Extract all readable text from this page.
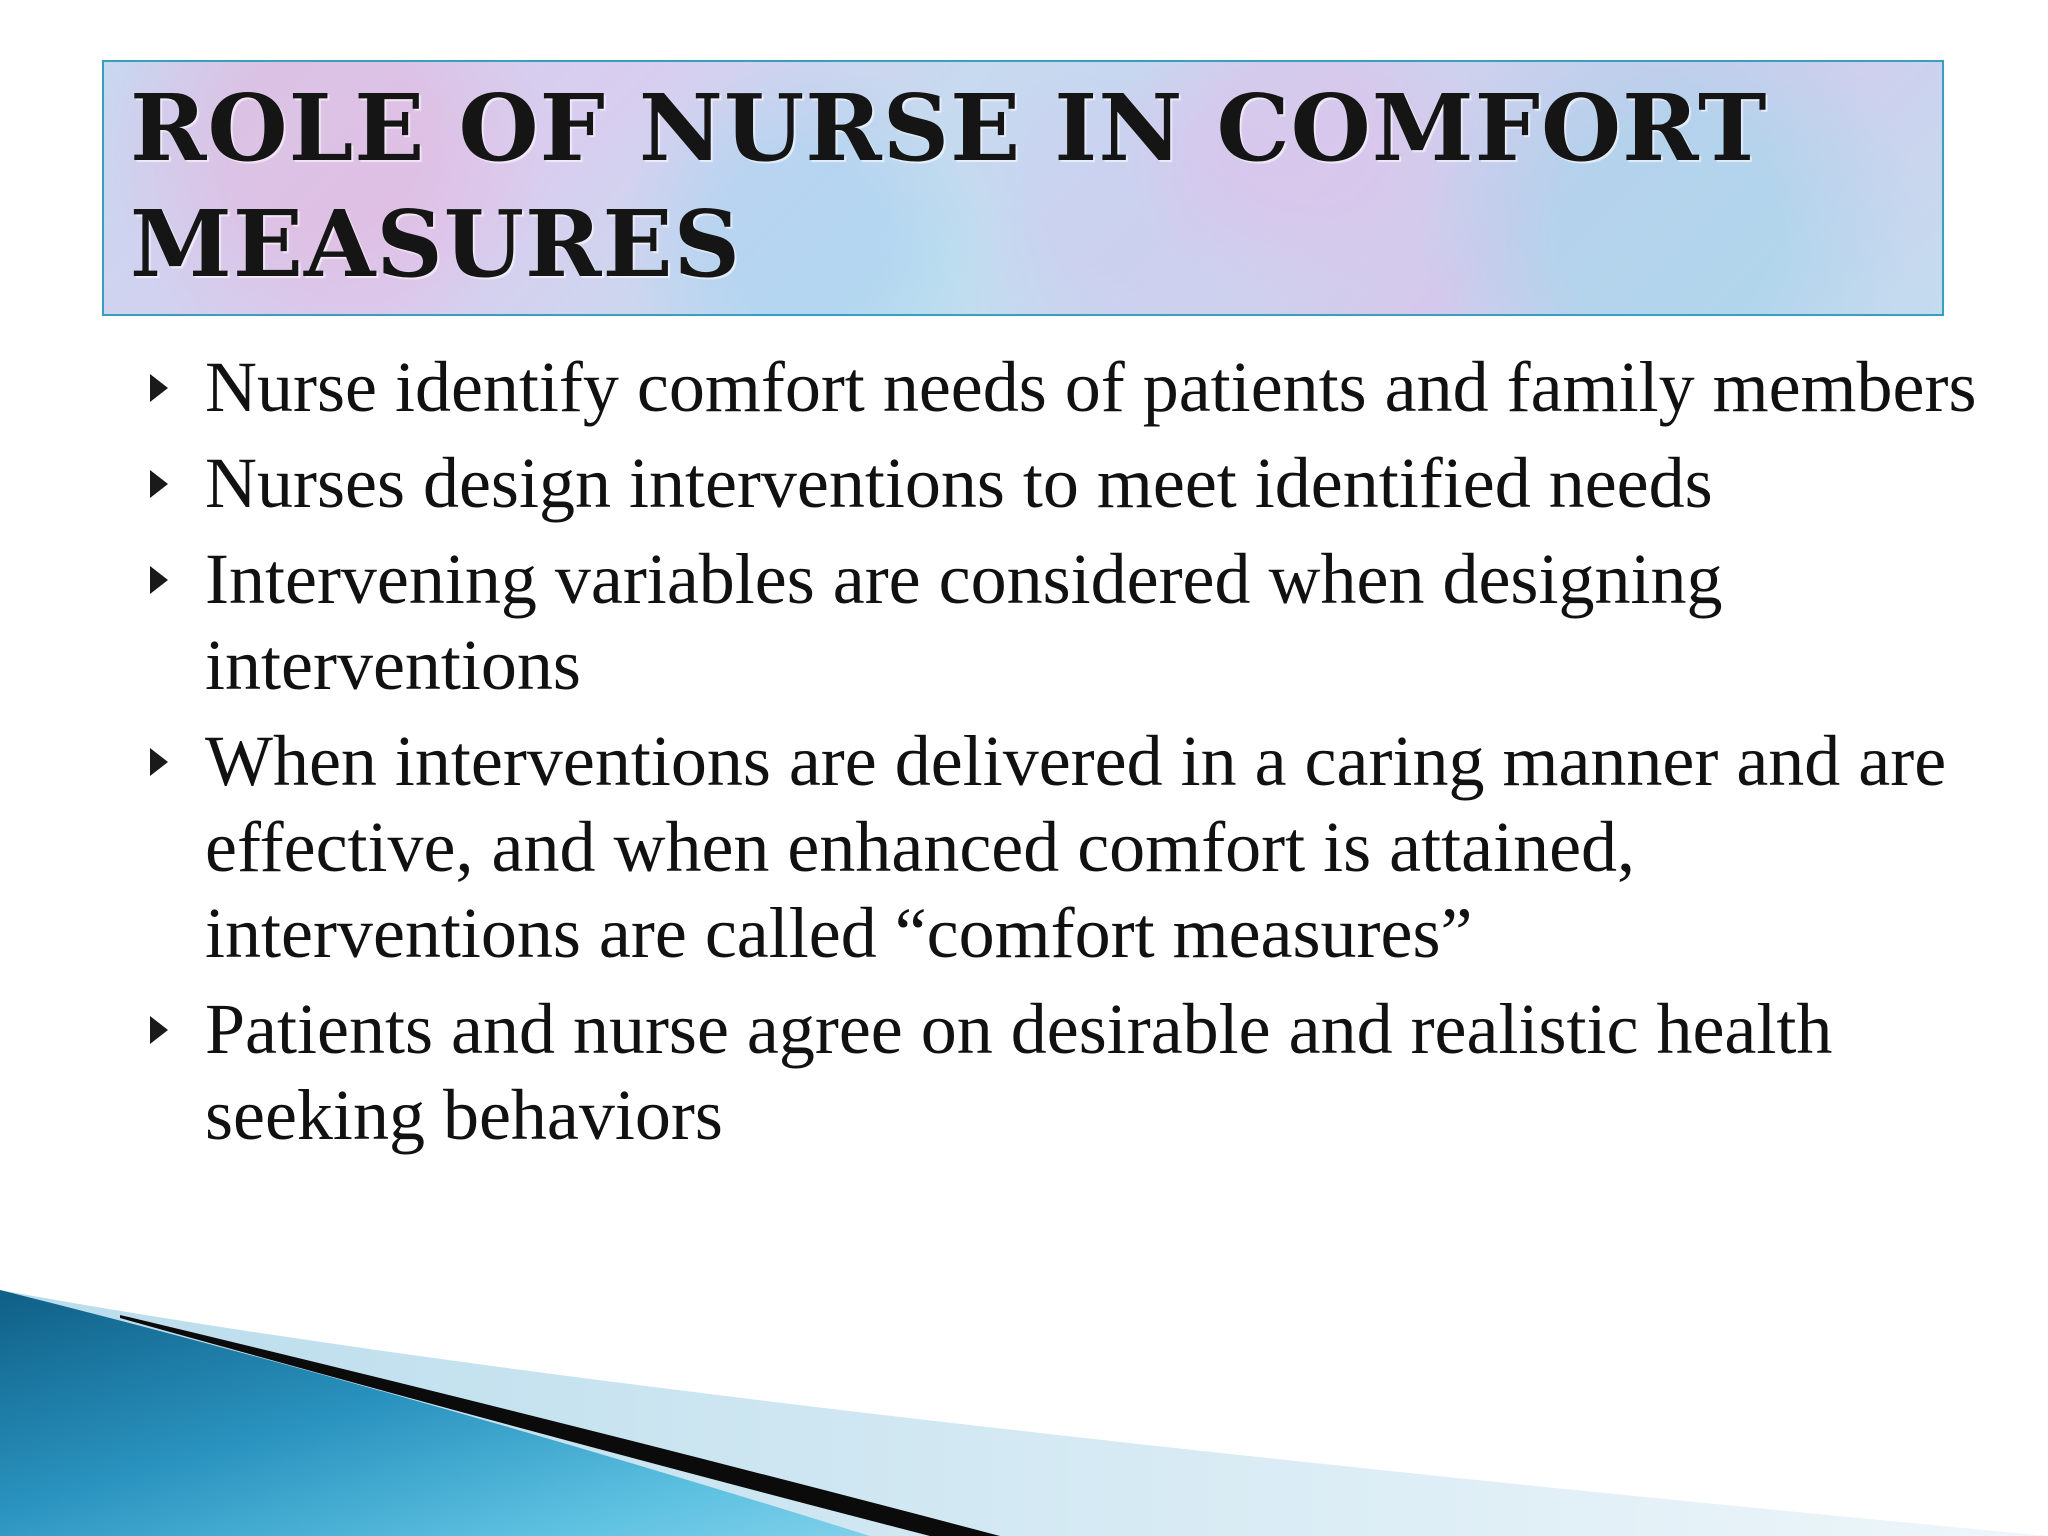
ROLE OF NURSE IN COMFORT
MEASURES
Nurse identify comfort needs of patients and family members
Nurses design interventions to meet identified needs
Intervening variables are considered when designing interventions
When interventions are delivered in a caring manner and are effective, and when enhanced comfort is attained, interventions are called “comfort measures”
Patients and nurse agree on desirable and realistic health seeking behaviors
